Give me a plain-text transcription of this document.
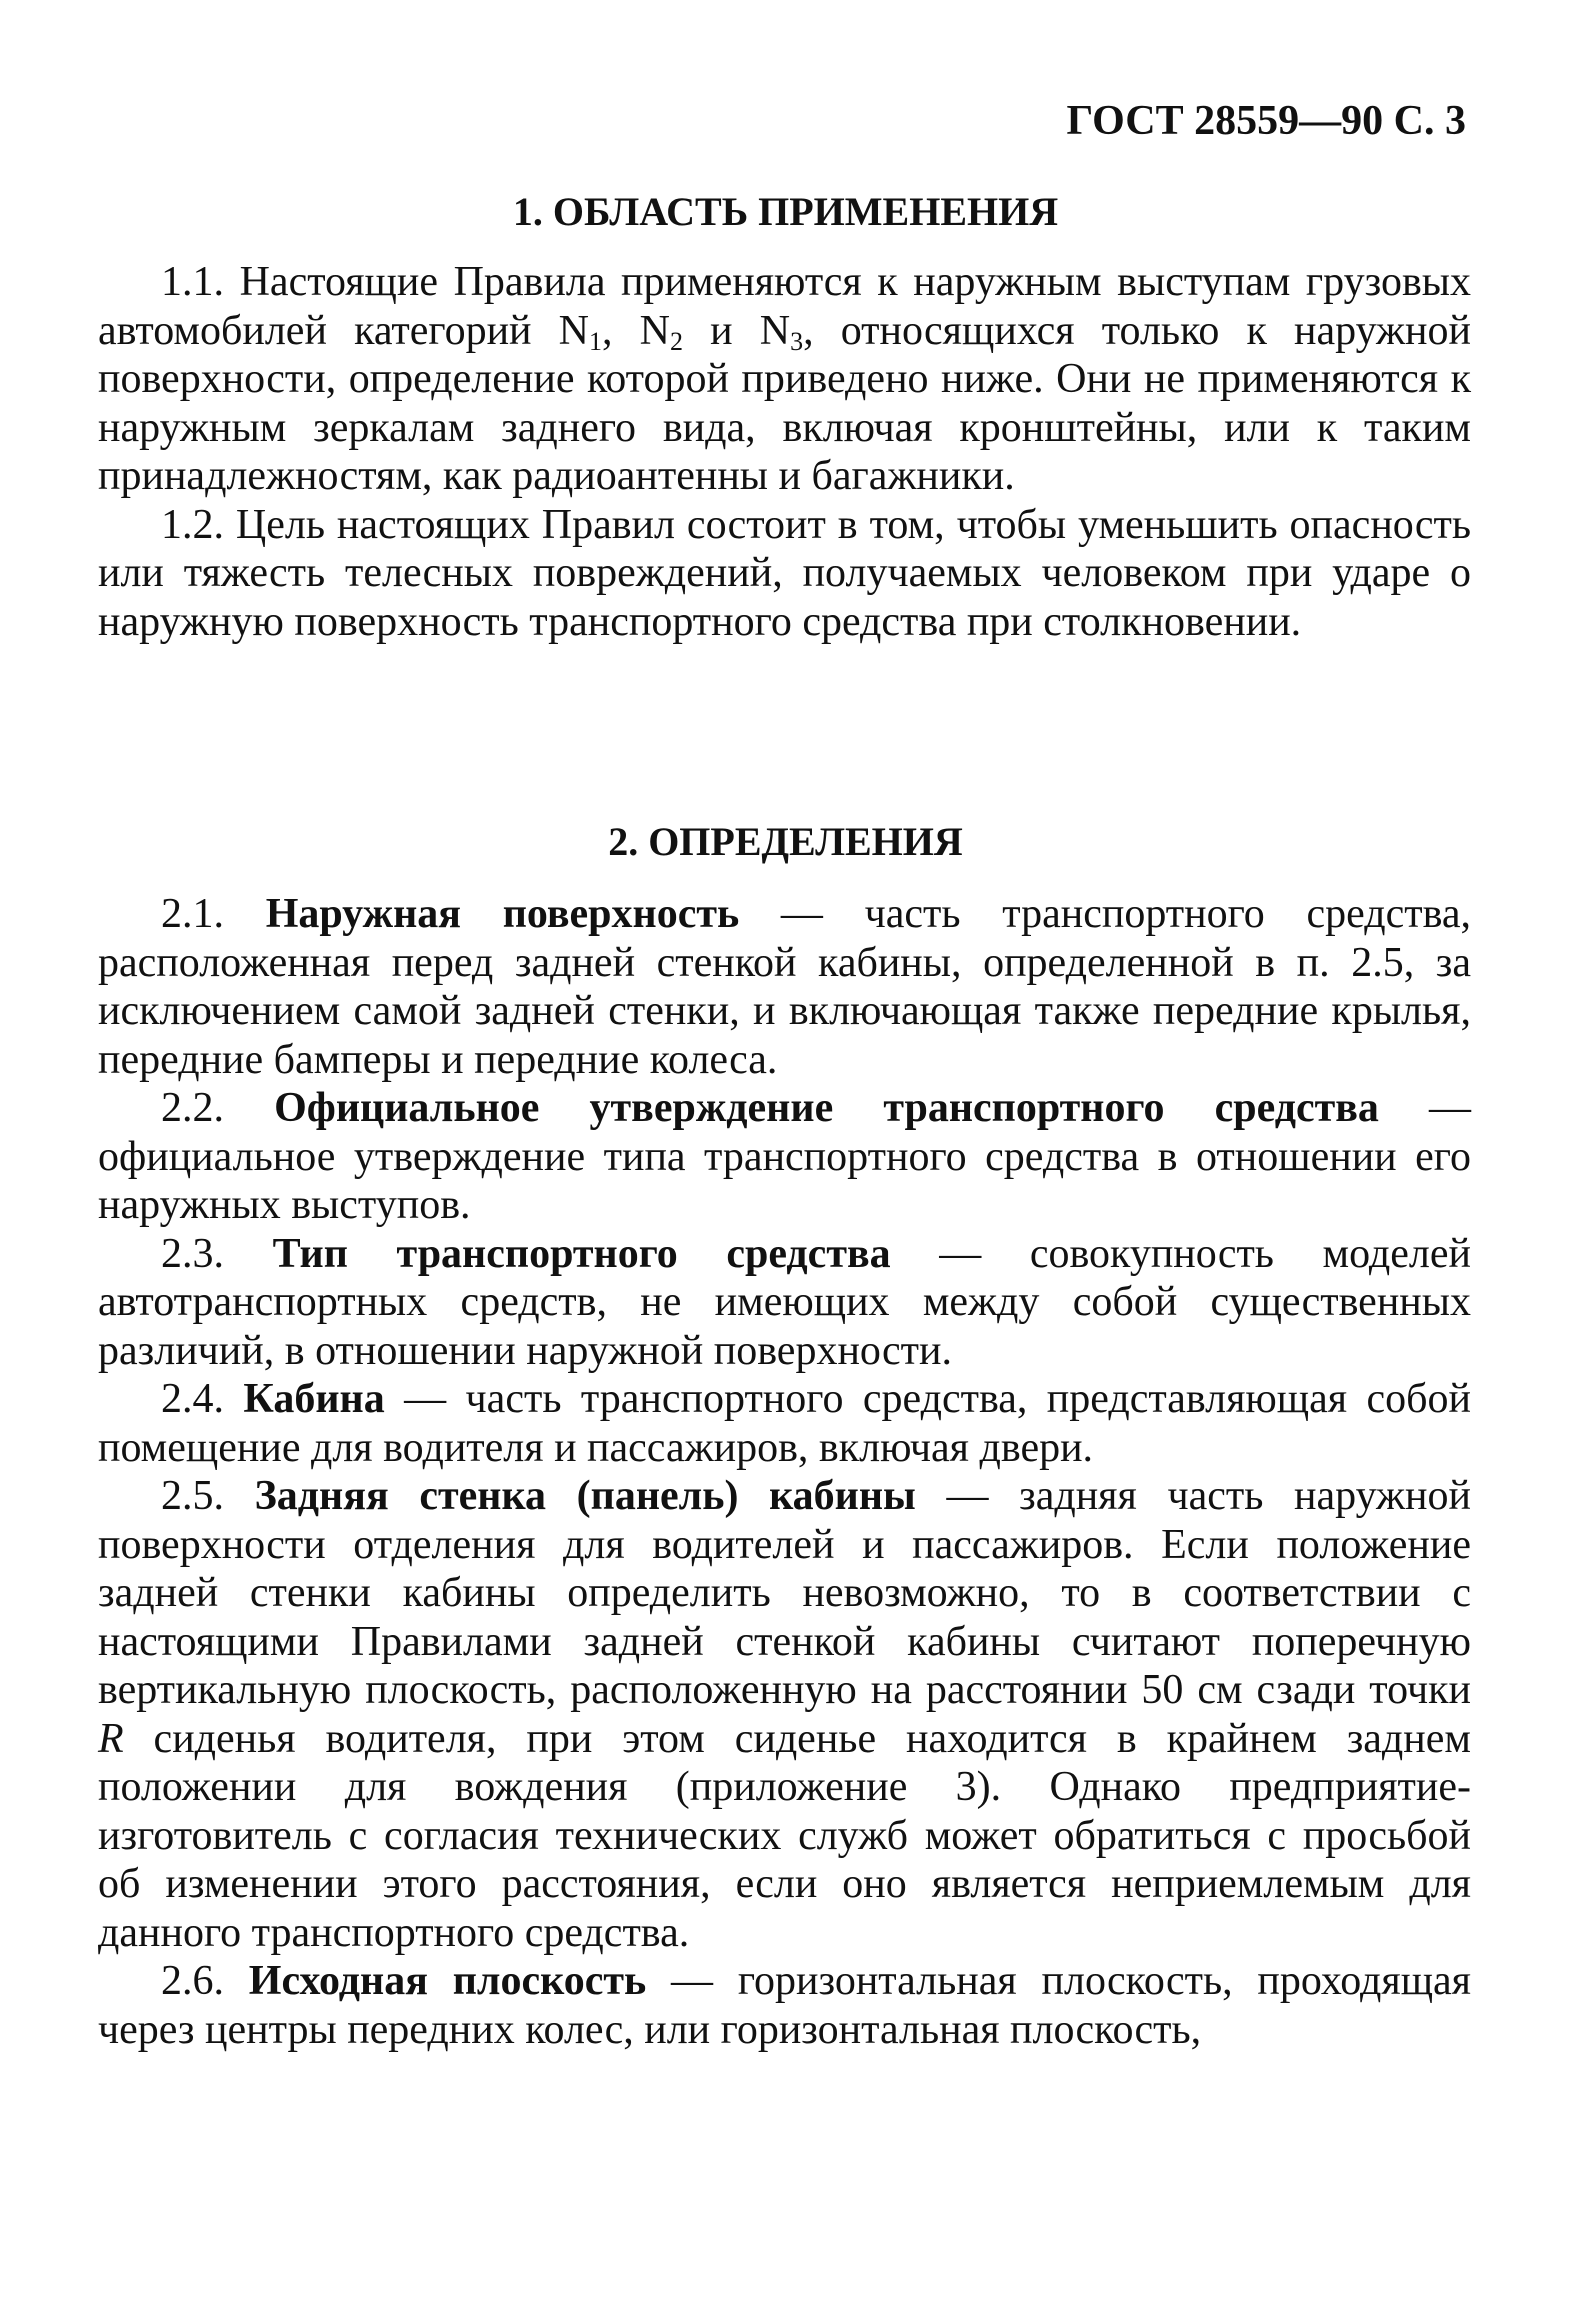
ГОСТ 28559—90 С. 3
1. ОБЛАСТЬ ПРИМЕНЕНИЯ

1.1. Настоящие Правила применяются к наружным выступам грузовых автомобилей категорий $N_1$, $N_2$ и $N_3$, относящихся только к наружной поверхности, определение которой приведено ниже. Они не применяются к наружным зеркалам заднего вида, включая кронштейны, или к таким принадлежностям, как радиоантенны и багажники.

1.2. Цель настоящих Правил состоит в том, чтобы уменьшить опасность или тяжесть телесных повреждений, получаемых человеком при ударе о наружную поверхность транспортного средства при столкновении.

2. ОПРЕДЕЛЕНИЯ

2.1. Наружная поверхность — часть транспортного средства, расположенная перед задней стенкой кабины, определенной в п. 2.5, за исключением самой задней стенки, и включающая также передние крылья, передние бамперы и передние колеса.

2.2. Официальное утверждение транспортного средства — официальное утверждение типа транспортного средства в отношении его наружных выступов.

2.3. Тип транспортного средства — совокупность моделей автотранспортных средств, не имеющих между собой существенных различий, в отношении наружной поверхности.

2.4. Кабина — часть транспортного средства, представляющая собой помещение для водителя и пассажиров, включая двери.

2.5. Задняя стенка (панель) кабины — задняя часть наружной поверхности отделения для водителей и пассажиров. Если положение задней стенки кабины определить невозможно, то в соответствии с настоящими Правилами задней стенкой кабины считают поперечную вертикальную плоскость, расположенную на расстоянии 50 см сзади точки R сиденья водителя, при этом сиденье находится в крайнем заднем положении для вождения (приложение 3). Однако предприятие-изготовитель с согласия технических служб может обратиться с просьбой об изменении этого расстояния, если оно является неприемлемым для данного транспортного средства.

2.6. Исходная плоскость — горизонтальная плоскость, проходящая через центры передних колес, или горизонтальная плоскость,
